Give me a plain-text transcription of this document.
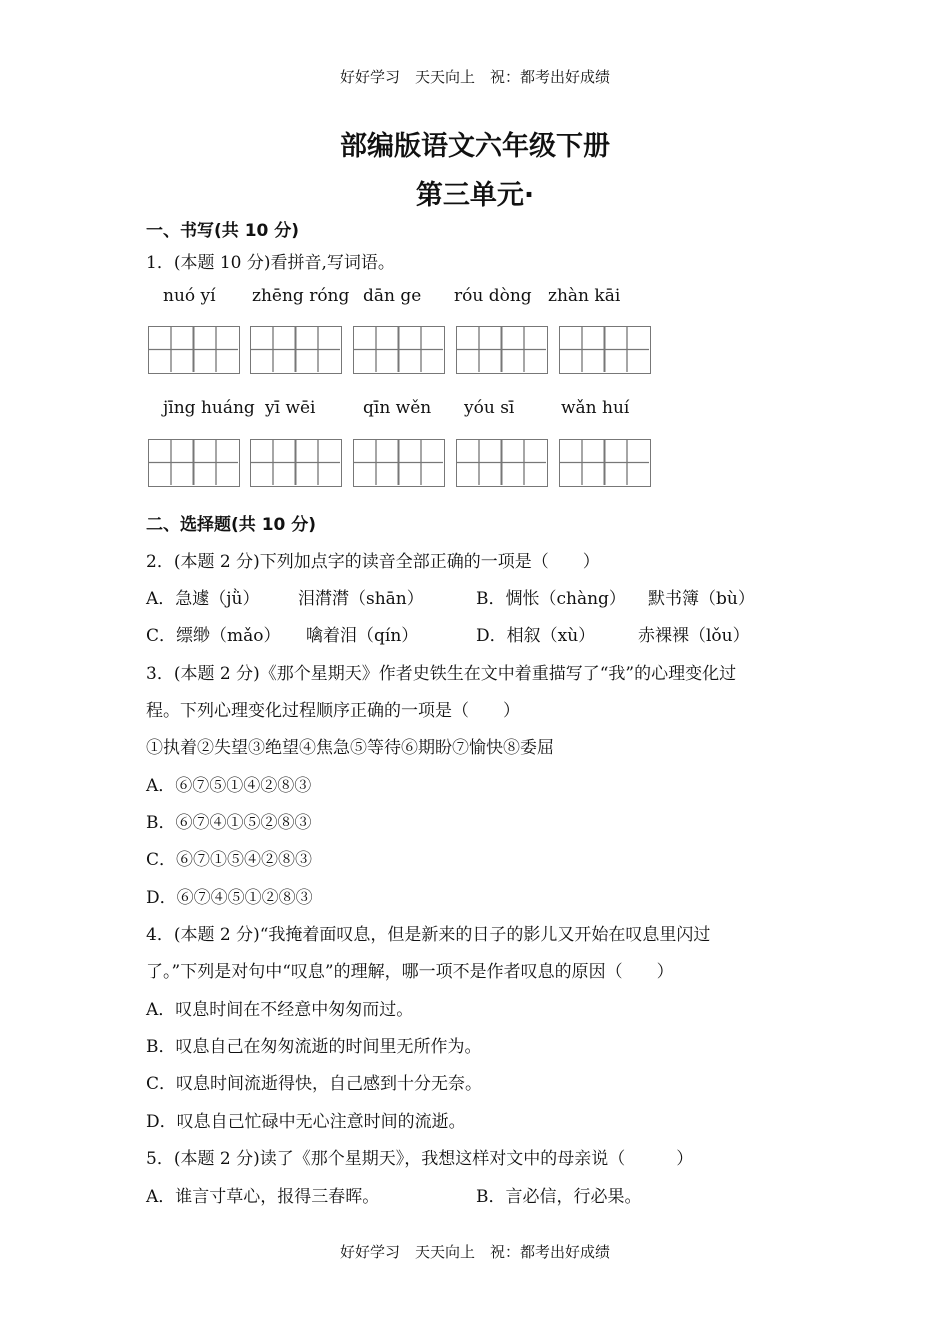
好好学习　天天向上　祝：都考出好成绩
部编版语文六年级下册
第三单元·
一、书写(共 10 分)
1．(本题 10 分)看拼音,写词语。
nuó yí zhēng róng dān ge róu dòng zhàn kāi
jīng huáng yī wēi	qīn wěn yóu sī	wǎn huí
二、选择题(共 10 分)
2．(本题 2 分)下列加点字的读音全部正确的一项是（　　）
A．急遽（jǜ） 泪潸潸（shān）	B．惆怅（chàng） 默书簿（bù）
C．缥缈（mǎo） 噙着泪（qín）	D．相叙（xù）	赤裸裸（lǒu）
3．(本题 2 分)《那个星期天》作者史铁生在文中着重描写了“我”的心理变化过
程。下列心理变化过程顺序正确的一项是（　　）
①执着②失望③绝望④焦急⑤等待⑥期盼⑦愉快⑧委屈
A．⑥⑦⑤①④②⑧③
B．⑥⑦④①⑤②⑧③
C．⑥⑦①⑤④②⑧③
D．⑥⑦④⑤①②⑧③
4．(本题 2 分)“我掩着面叹息，但是新来的日子的影儿又开始在叹息里闪过
了。”下列是对句中“叹息”的理解，哪一项不是作者叹息的原因（　　）
A．叹息时间在不经意中匆匆而过。
B．叹息自己在匆匆流逝的时间里无所作为。
C．叹息时间流逝得快，自己感到十分无奈。
D．叹息自己忙碌中无心注意时间的流逝。
5．(本题 2 分)读了《那个星期天》，我想这样对文中的母亲说（　　　）
A．谁言寸草心，报得三春晖。	B．言必信，行必果。
好好学习　天天向上　祝：都考出好成绩
